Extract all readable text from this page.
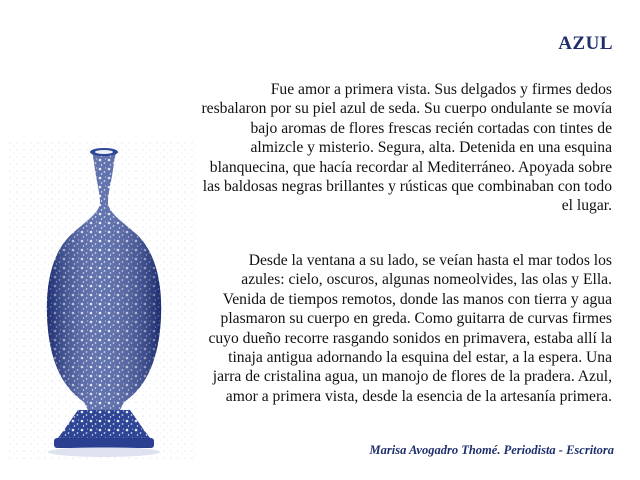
AZUL
Fue amor a primera vista. Sus delgados y firmes dedos
resbalaron por su piel azul de seda. Su cuerpo ondulante se movía
bajo aromas de flores frescas recién cortadas con tintes de
almizcle y misterio. Segura, alta. Detenida en una esquina
blanquecina, que hacía recordar al Mediterráneo. Apoyada sobre
las baldosas negras brillantes y rústicas que combinaban con todo
el lugar.
Desde la ventana a su lado, se veían hasta el mar todos los
azules: cielo, oscuros, algunas nomeolvides, las olas y Ella.
Venida de tiempos remotos, donde las manos con tierra y agua
plasmaron su cuerpo en greda. Como guitarra de curvas firmes
cuyo dueño recorre rasgando sonidos en primavera, estaba allí la
tinaja antigua adornando la esquina del estar, a la espera. Una
jarra de cristalina agua, un manojo de flores de la pradera. Azul,
amor a primera vista, desde la esencia de la artesanía primera.
Marisa Avogadro Thomé. Periodista - Escritora
